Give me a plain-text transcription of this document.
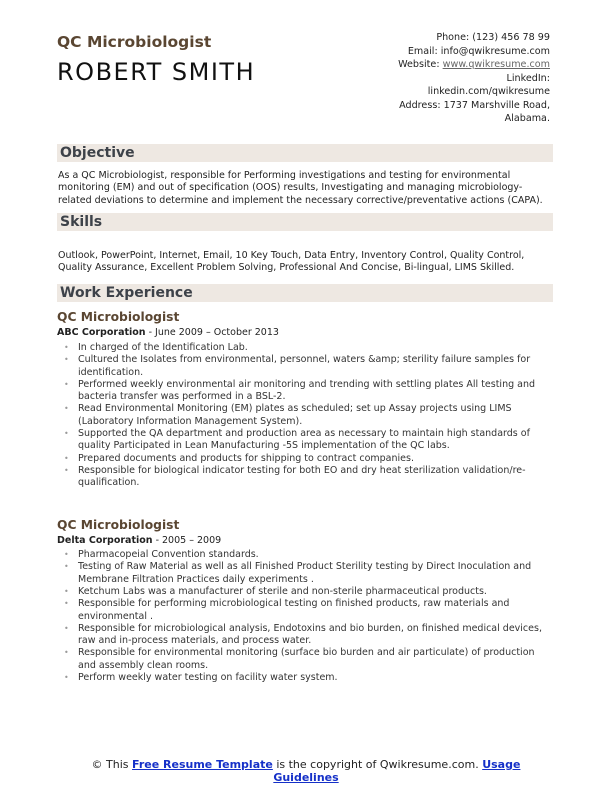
QC Microbiologist
ROBERT SMITH
Phone: (123) 456 78 99
Email: info@qwikresume.com
Website: www.qwikresume.com
LinkedIn:
linkedin.com/qwikresume
Address: 1737 Marshville Road,
Alabama.
Objective

As a QC Microbiologist, responsible for Performing investigations and testing for environmental monitoring (EM) and out of specification (OOS) results, Investigating and managing microbiology-related deviations to determine and implement the necessary corrective/preventative actions (CAPA).

Skills

Outlook, PowerPoint, Internet, Email, 10 Key Touch, Data Entry, Inventory Control, Quality Control, Quality Assurance, Excellent Problem Solving, Professional And Concise, Bi-lingual, LIMS Skilled.

Work Experience
QC Microbiologist
ABC Corporation - June 2009 – October 2013
• In charged of the Identification Lab.
• Cultured the Isolates from environmental, personnel, waters &amp; sterility failure samples for identification.
• Performed weekly environmental air monitoring and trending with settling plates All testing and bacteria transfer was performed in a BSL-2.
• Read Environmental Monitoring (EM) plates as scheduled; set up Assay projects using LIMS (Laboratory Information Management System).
• Supported the QA department and production area as necessary to maintain high standards of quality Participated in Lean Manufacturing -5S implementation of the QC labs.
• Prepared documents and products for shipping to contract companies.
• Responsible for biological indicator testing for both EO and dry heat sterilization validation/re-qualification.
QC Microbiologist
Delta Corporation - 2005 – 2009
• Pharmacopeial Convention standards.
• Testing of Raw Material as well as all Finished Product Sterility testing by Direct Inoculation and Membrane Filtration Practices daily experiments .
• Ketchum Labs was a manufacturer of sterile and non-sterile pharmaceutical products.
• Responsible for performing microbiological testing on finished products, raw materials and environmental .
• Responsible for microbiological analysis, Endotoxins and bio burden, on finished medical devices, raw and in-process materials, and process water.
• Responsible for environmental monitoring (surface bio burden and air particulate) of production and assembly clean rooms.
• Perform weekly water testing on facility water system.
© This Free Resume Template is the copyright of Qwikresume.com. Usage Guidelines
